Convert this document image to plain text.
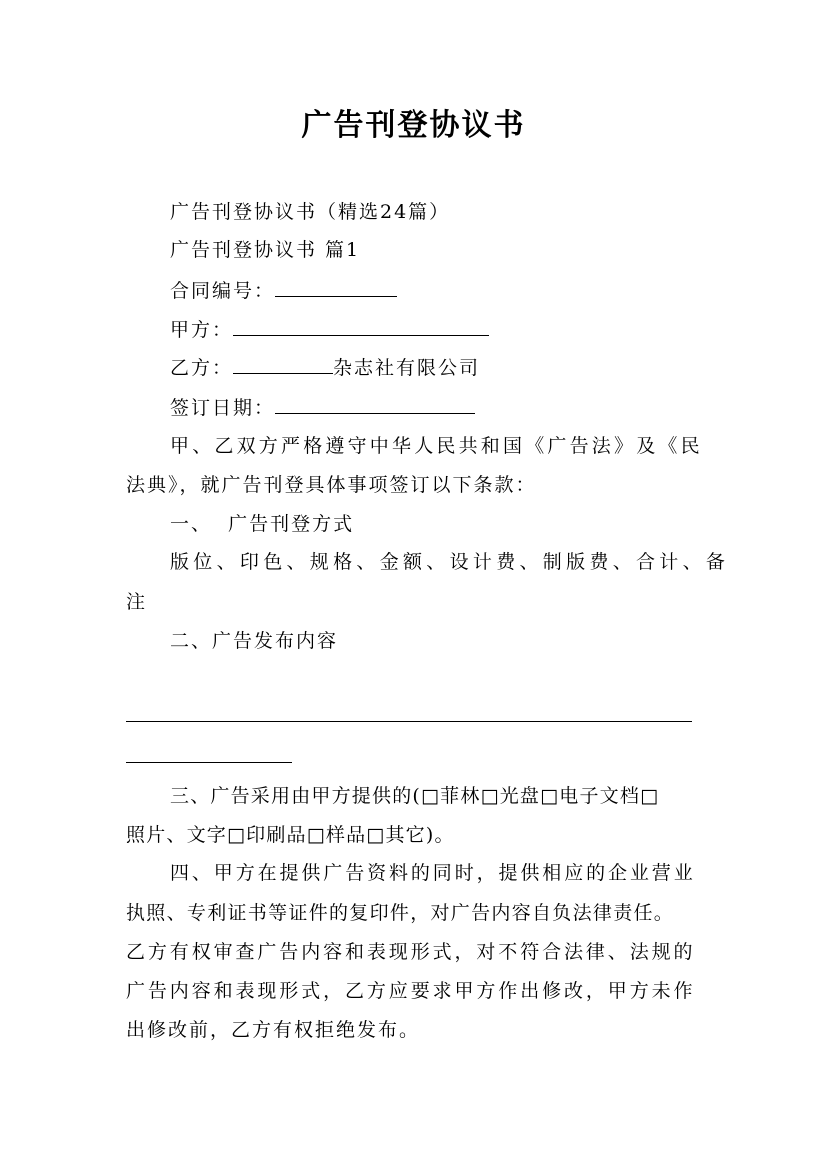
广告刊登协议书
广告刊登协议书（精选24篇）
广告刊登协议书 篇1
合同编号：
甲方：
乙方：	杂志社有限公司
签订日期：
甲、乙双方严格遵守中华人民共和国《广告法》及《民
法典》，就广告刊登具体事项签订以下条款：
一、  广告刊登方式
版位、印色、规格、金额、设计费、制版费、合计、备
注
二、广告发布内容
三、广告采用由甲方提供的(□菲林□光盘□电子文档□
照片、文字□印刷品□样品□其它)。
四、甲方在提供广告资料的同时，提供相应的企业营业
执照、专利证书等证件的复印件，对广告内容自负法律责任。
乙方有权审查广告内容和表现形式，对不符合法律、法规的
广告内容和表现形式，乙方应要求甲方作出修改，甲方未作
出修改前，乙方有权拒绝发布。
